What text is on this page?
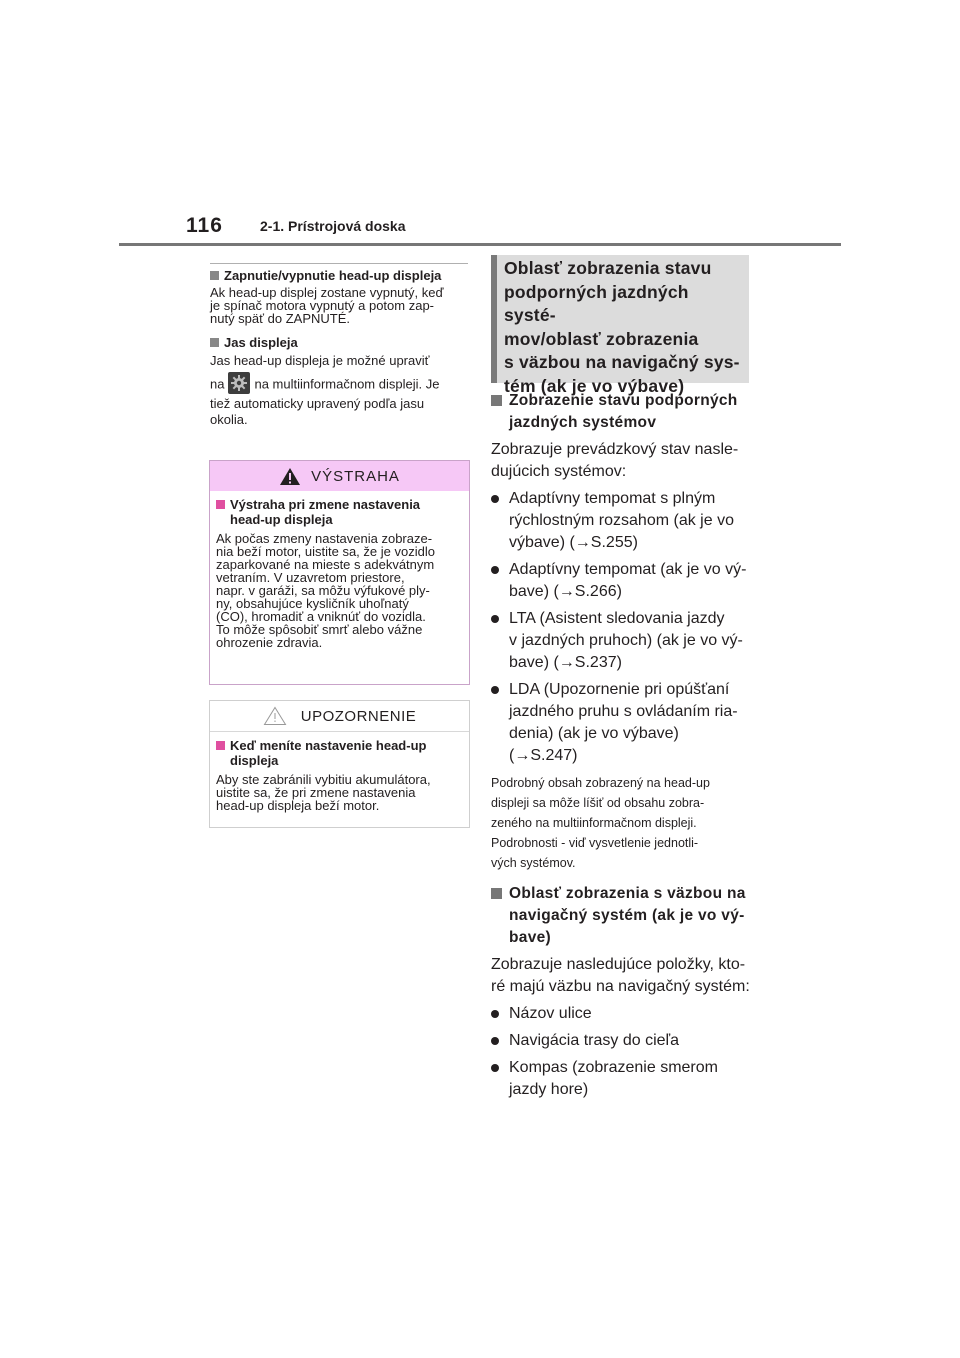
116	2-1. Prístrojová doska
Zapnutie/vypnutie head-up displeja
Ak head-up displej zostane vypnutý, keď
je spínač motora vypnutý a potom zap-
nutý späť do ZAPNUTÉ.
Jas displeja
Jas head-up displeja je možné upraviť
na na multiinformačnom displeji. Je
tiež automaticky upravený podľa jasu
okolia.
VÝSTRAHA
Výstraha pri zmene nastavenia
head-up displeja
Ak počas zmeny nastavenia zobraze-
nia beží motor, uistite sa, že je vozidlo
zaparkované na mieste s adekvátnym
vetraním. V uzavretom priestore,
napr. v garáži, sa môžu výfukové ply-
ny, obsahujúce kysličník uhoľnatý
(CO), hromadiť a vniknúť do vozidla.
To môže spôsobiť smrť alebo vážne
ohrozenie zdravia.
UPOZORNENIE
Keď meníte nastavenie head-up
displeja
Aby ste zabránili vybitiu akumulátora,
uistite sa, že pri zmene nastavenia
head-up displeja beží motor.
Oblasť zobrazenia stavu
podporných jazdných systé-
mov/oblasť zobrazenia
s väzbou na navigačný sys-
tém (ak je vo výbave)
Zobrazenie stavu podporných
jazdných systémov
Zobrazuje prevádzkový stav nasle-
dujúcich systémov:
Adaptívny tempomat s plným
rýchlostným rozsahom (ak je vo
výbave) (→S.255)
Adaptívny tempomat (ak je vo vý-
bave) (→S.266)
LTA (Asistent sledovania jazdy
v jazdných pruhoch) (ak je vo vý-
bave) (→S.237)
LDA (Upozornenie pri opúšťaní
jazdného pruhu s ovládaním ria-
denia) (ak je vo výbave)
(→S.247)
Podrobný obsah zobrazený na head-up
displeji sa môže líšiť od obsahu zobra-
zeného na multiinformačnom displeji.
Podrobnosti - viď vysvetlenie jednotli-
vých systémov.
Oblasť zobrazenia s väzbou na
navigačný systém (ak je vo vý-
bave)
Zobrazuje nasledujúce položky, kto-
ré majú väzbu na navigačný systém:
Názov ulice
Navigácia trasy do cieľa
Kompas (zobrazenie smerom
jazdy hore)
